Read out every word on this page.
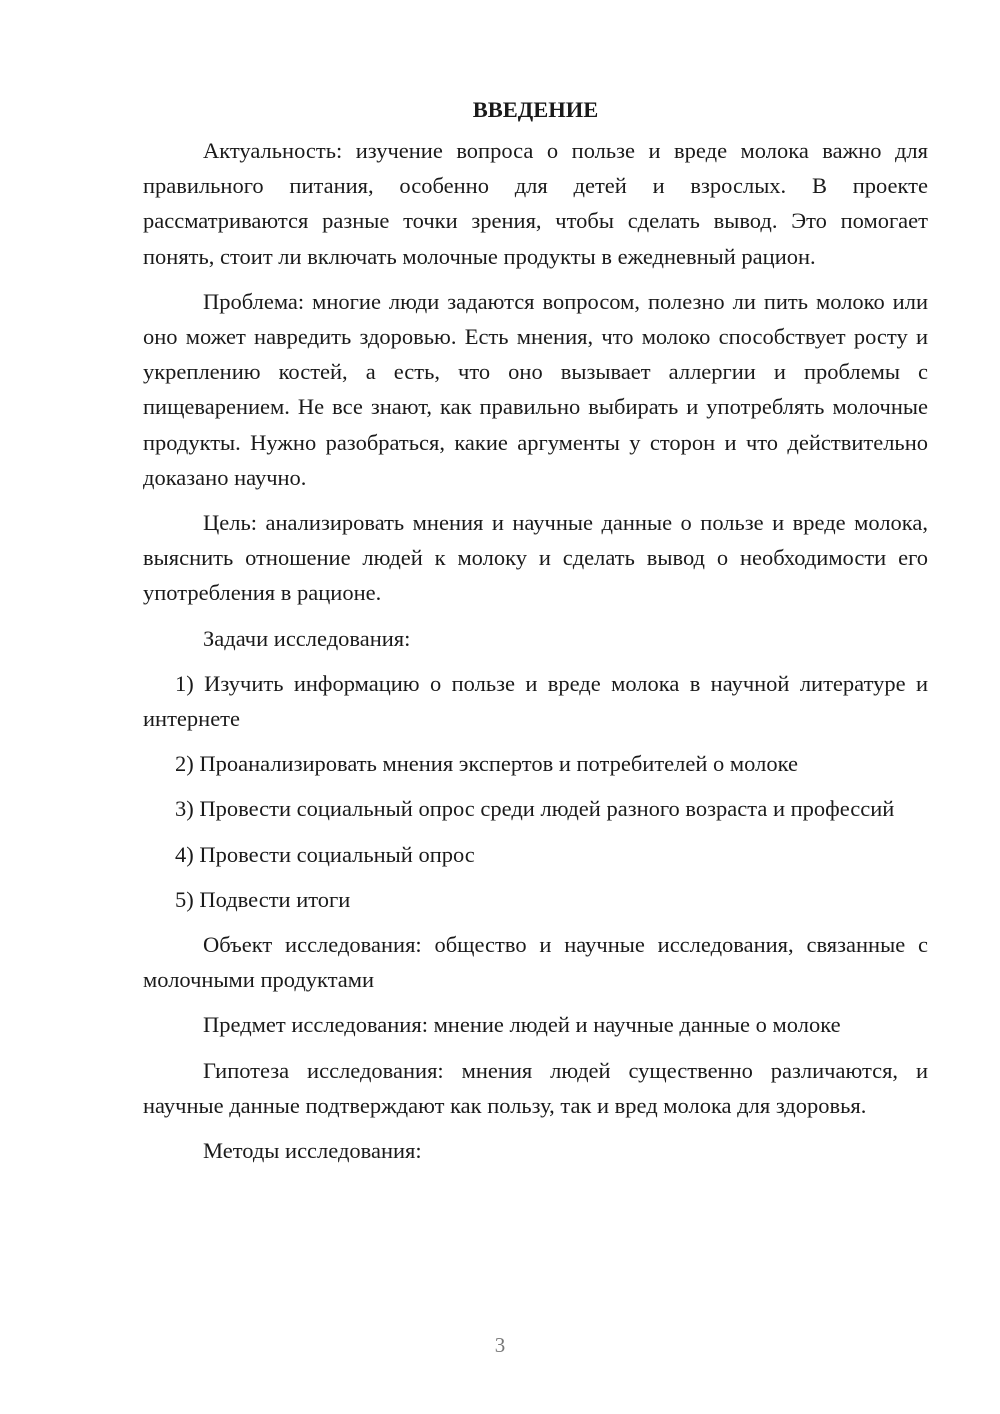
ВВЕДЕНИЕ

Актуальность: изучение вопроса о пользе и вреде молока важно для правильного питания, особенно для детей и взрослых. В проекте рассматриваются разные точки зрения, чтобы сделать вывод. Это помогает понять, стоит ли включать молочные продукты в ежедневный рацион.

Проблема: многие люди задаются вопросом, полезно ли пить молоко или оно может навредить здоровью. Есть мнения, что молоко способствует росту и укреплению костей, а есть, что оно вызывает аллергии и проблемы с пищеварением. Не все знают, как правильно выбирать и употреблять молочные продукты. Нужно разобраться, какие аргументы у сторон и что действительно доказано научно.

Цель: анализировать мнения и научные данные о пользе и вреде молока, выяснить отношение людей к молоку и сделать вывод о необходимости его употребления в рационе.

Задачи исследования:

1) Изучить информацию о пользе и вреде молока в научной литературе и интернете

2) Проанализировать мнения экспертов и потребителей о молоке

3) Провести социальный опрос среди людей разного возраста и профессий

4) Провести социальный опрос

5) Подвести итоги

Объект исследования: общество и научные исследования, связанные с молочными продуктами

Предмет исследования: мнение людей и научные данные о молоке

Гипотеза исследования: мнения людей существенно различаются, и научные данные подтверждают как пользу, так и вред молока для здоровья.

Методы исследования:

3
